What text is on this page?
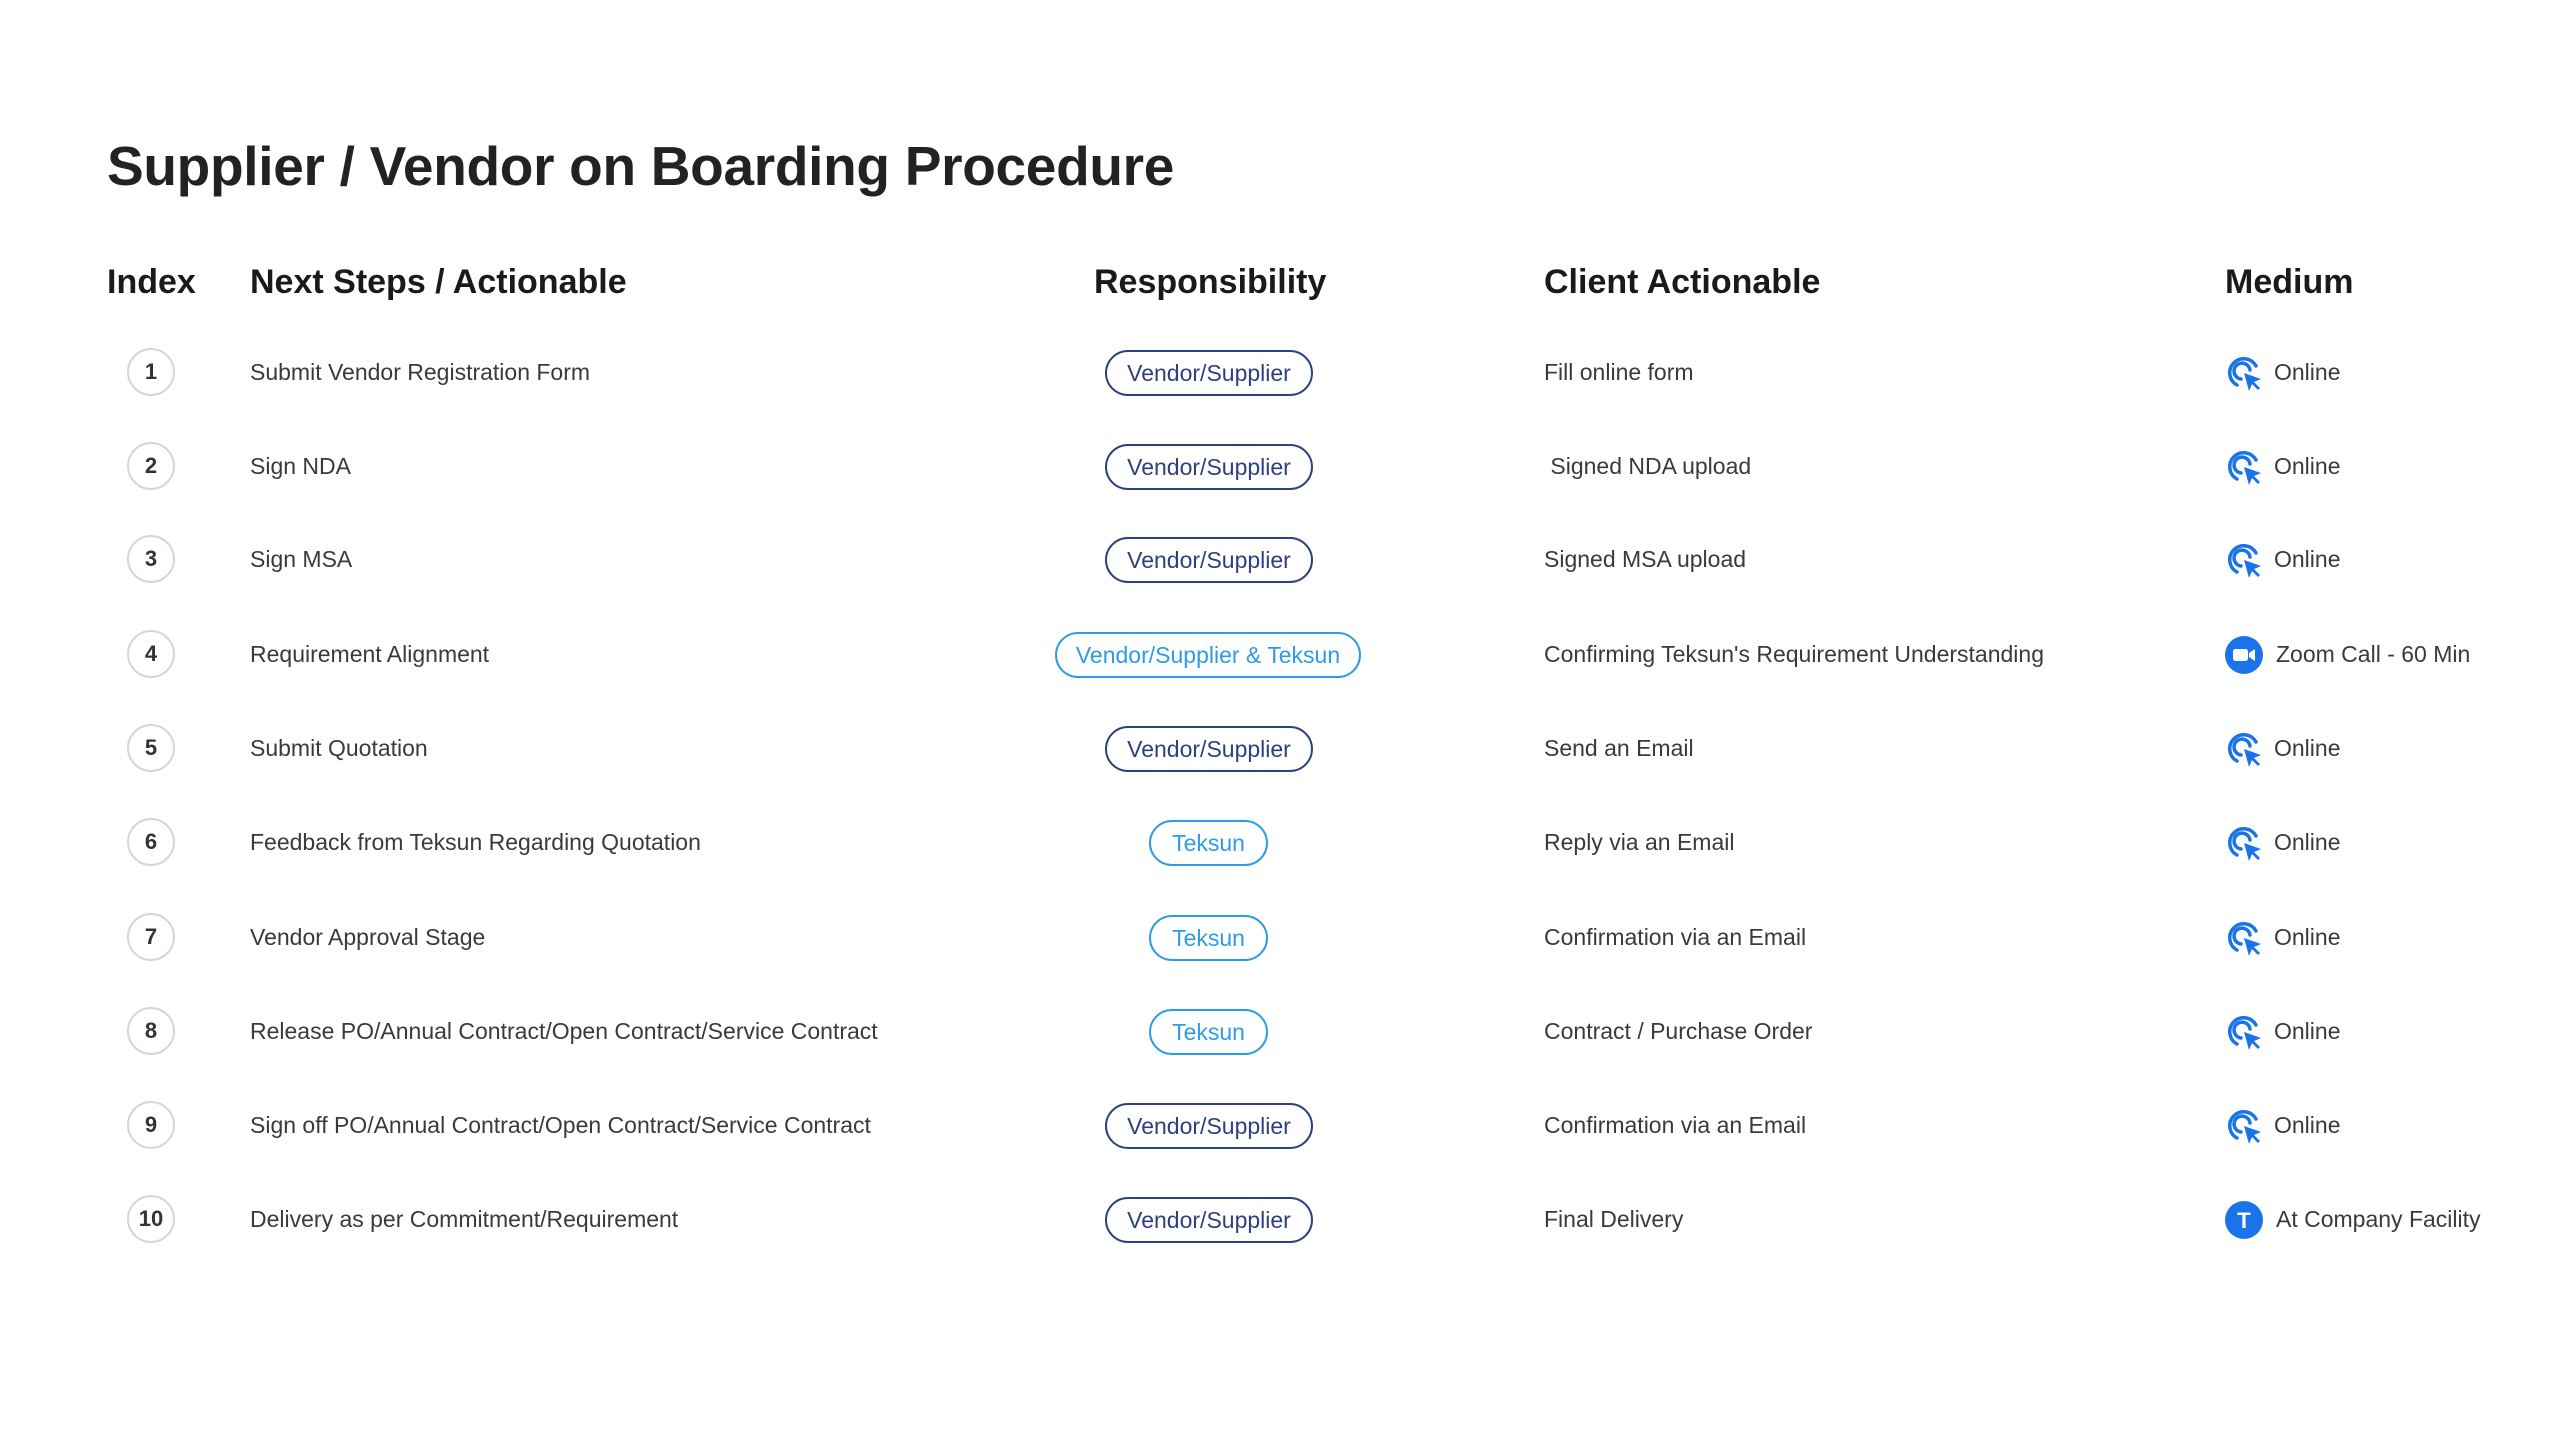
Supplier / Vendor on Boarding Procedure
Index Next Steps / Actionable	Responsibility	Client Actionable	Medium
1	Submit Vendor Registration Form	Vendor/Supplier	Fill online form	Online
2	Sign NDA	Vendor/Supplier	Signed NDA upload	Online
3	Sign MSA	Vendor/Supplier	Signed MSA upload	Online
4	Requirement Alignment	Vendor/Supplier & Teksun	Confirming Teksun's Requirement Understanding	Zoom Call - 60 Min
5	Submit Quotation	Vendor/Supplier	Send an Email	Online
6	Feedback from Teksun Regarding Quotation	Teksun	Reply via an Email	Online
7	Vendor Approval Stage	Teksun	Confirmation via an Email	Online
8	Release PO/Annual Contract/Open Contract/Service Contract	Teksun	Contract / Purchase Order	Online
9	Sign off PO/Annual Contract/Open Contract/Service Contract	Vendor/Supplier	Confirmation via an Email	Online
10	Delivery as per Commitment/Requirement	Vendor/Supplier	Final Delivery	T At Company Facility
